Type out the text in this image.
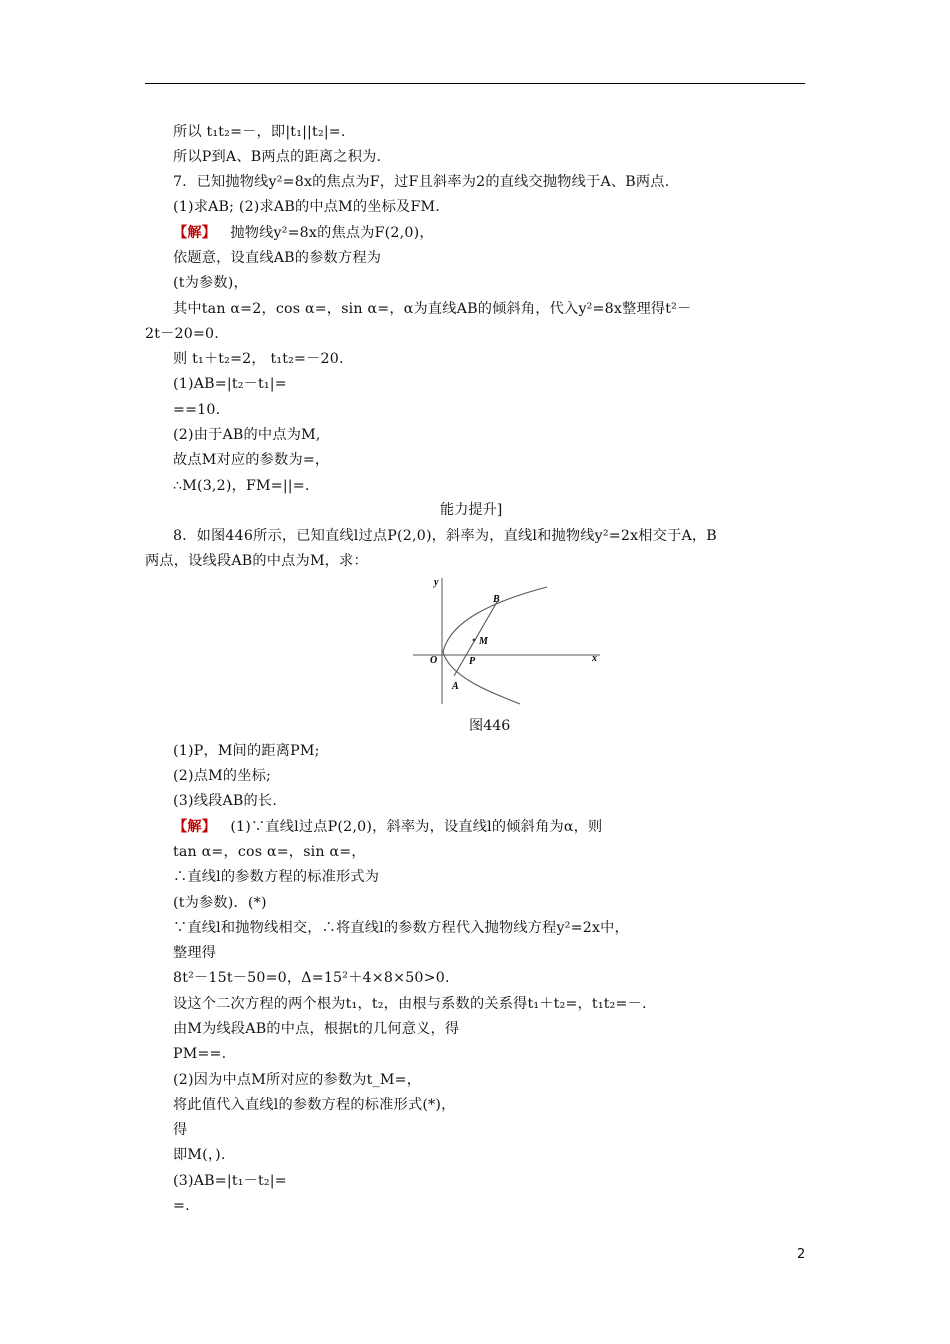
所以 t₁t₂=－，即|t₁||t₂|=.
所以P到A、B两点的距离之积为.
7．已知抛物线y²=8x的焦点为F，过F且斜率为2的直线交抛物线于A、B两点.
(1)求AB; (2)求AB的中点M的坐标及FM.
【解】 抛物线y²=8x的焦点为F(2,0)，
依题意，设直线AB的参数方程为
(t为参数)，
其中tan α=2，cos α=，sin α=，α为直线AB的倾斜角，代入y²=8x整理得t²－
2t－20=0.
则 t₁＋t₂=2， t₁t₂=－20.
(1)AB=|t₂－t₁|=
==10.
(2)由于AB的中点为M,
故点M对应的参数为=，
∴M(3,2)，FM=||=.
能力提升]
8．如图446所示，已知直线l过点P(2,0)，斜率为，直线l和抛物线y²=2x相交于A，B
两点，设线段AB的中点为M，求：
x
y
O
A
B
M
P
图446
(1)P，M间的距离PM;
(2)点M的坐标;
(3)线段AB的长.
【解】 (1)∵直线l过点P(2,0)，斜率为，设直线l的倾斜角为α，则
tan α=，cos α=，sin α=，
∴直线l的参数方程的标准形式为
(t为参数)．(*)
∵直线l和抛物线相交，∴将直线l的参数方程代入抛物线方程y²=2x中，
整理得
8t²－15t－50=0，Δ=15²＋4×8×50>0.
设这个二次方程的两个根为t₁，t₂，由根与系数的关系得t₁＋t₂=，t₁t₂=－.
由M为线段AB的中点，根据t的几何意义，得
PM==.
(2)因为中点M所对应的参数为t_M=，
将此值代入直线l的参数方程的标准形式(*)，
得
即M(，).
(3)AB=|t₁－t₂|=
=.
2
